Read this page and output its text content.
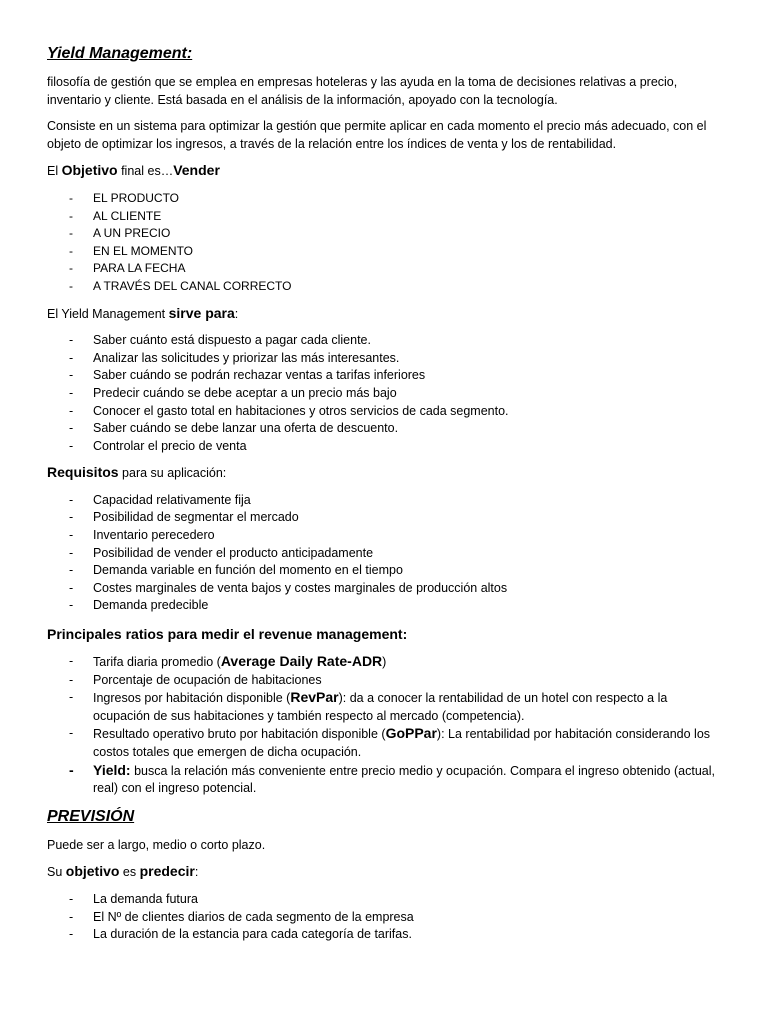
Yield Management:

filosofía de gestión que se emplea en empresas hoteleras y las ayuda en la toma de decisiones relativas a precio, inventario y cliente. Está basada en el análisis de la información, apoyado con la tecnología.

Consiste en un sistema para optimizar la gestión que permite aplicar en cada momento el precio más adecuado, con el objeto de optimizar los ingresos, a través de la relación entre los índices de venta y los de rentabilidad.

El Objetivo final es…Vender

- EL PRODUCTO
- AL CLIENTE
- A UN PRECIO
- EN EL MOMENTO
- PARA LA FECHA
- A TRAVÉS DEL CANAL CORRECTO

El Yield Management sirve para:

- Saber cuánto está dispuesto a pagar cada cliente.
- Analizar las solicitudes y priorizar las más interesantes.
- Saber cuándo se podrán rechazar ventas a tarifas inferiores
- Predecir cuándo se debe aceptar a un precio más bajo
- Conocer el gasto total en habitaciones y otros servicios de cada segmento.
- Saber cuándo se debe lanzar una oferta de descuento.
- Controlar el precio de venta

Requisitos para su aplicación:

- Capacidad relativamente fija
- Posibilidad de segmentar el mercado
- Inventario perecedero
- Posibilidad de vender el producto anticipadamente
- Demanda variable en función del momento en el tiempo
- Costes marginales de venta bajos y costes marginales de producción altos
- Demanda predecible
Principales ratios para medir el revenue management:
- Tarifa diaria promedio (Average Daily Rate-ADR)
- Porcentaje de ocupación de habitaciones
- Ingresos por habitación disponible (RevPar): da a conocer la rentabilidad de un hotel con respecto a la ocupación de sus habitaciones y también respecto al mercado (competencia).
- Resultado operativo bruto por habitación disponible (GoPPar): La rentabilidad por habitación considerando los costos totales que emergen de dicha ocupación.
- Yield: busca la relación más conveniente entre precio medio y ocupación. Compara el ingreso obtenido (actual, real) con el ingreso potencial.
PREVISIÓN

Puede ser a largo, medio o corto plazo.

Su objetivo es predecir:

- La demanda futura
- El Nº de clientes diarios de cada segmento de la empresa
- La duración de la estancia para cada categoría de tarifas.
